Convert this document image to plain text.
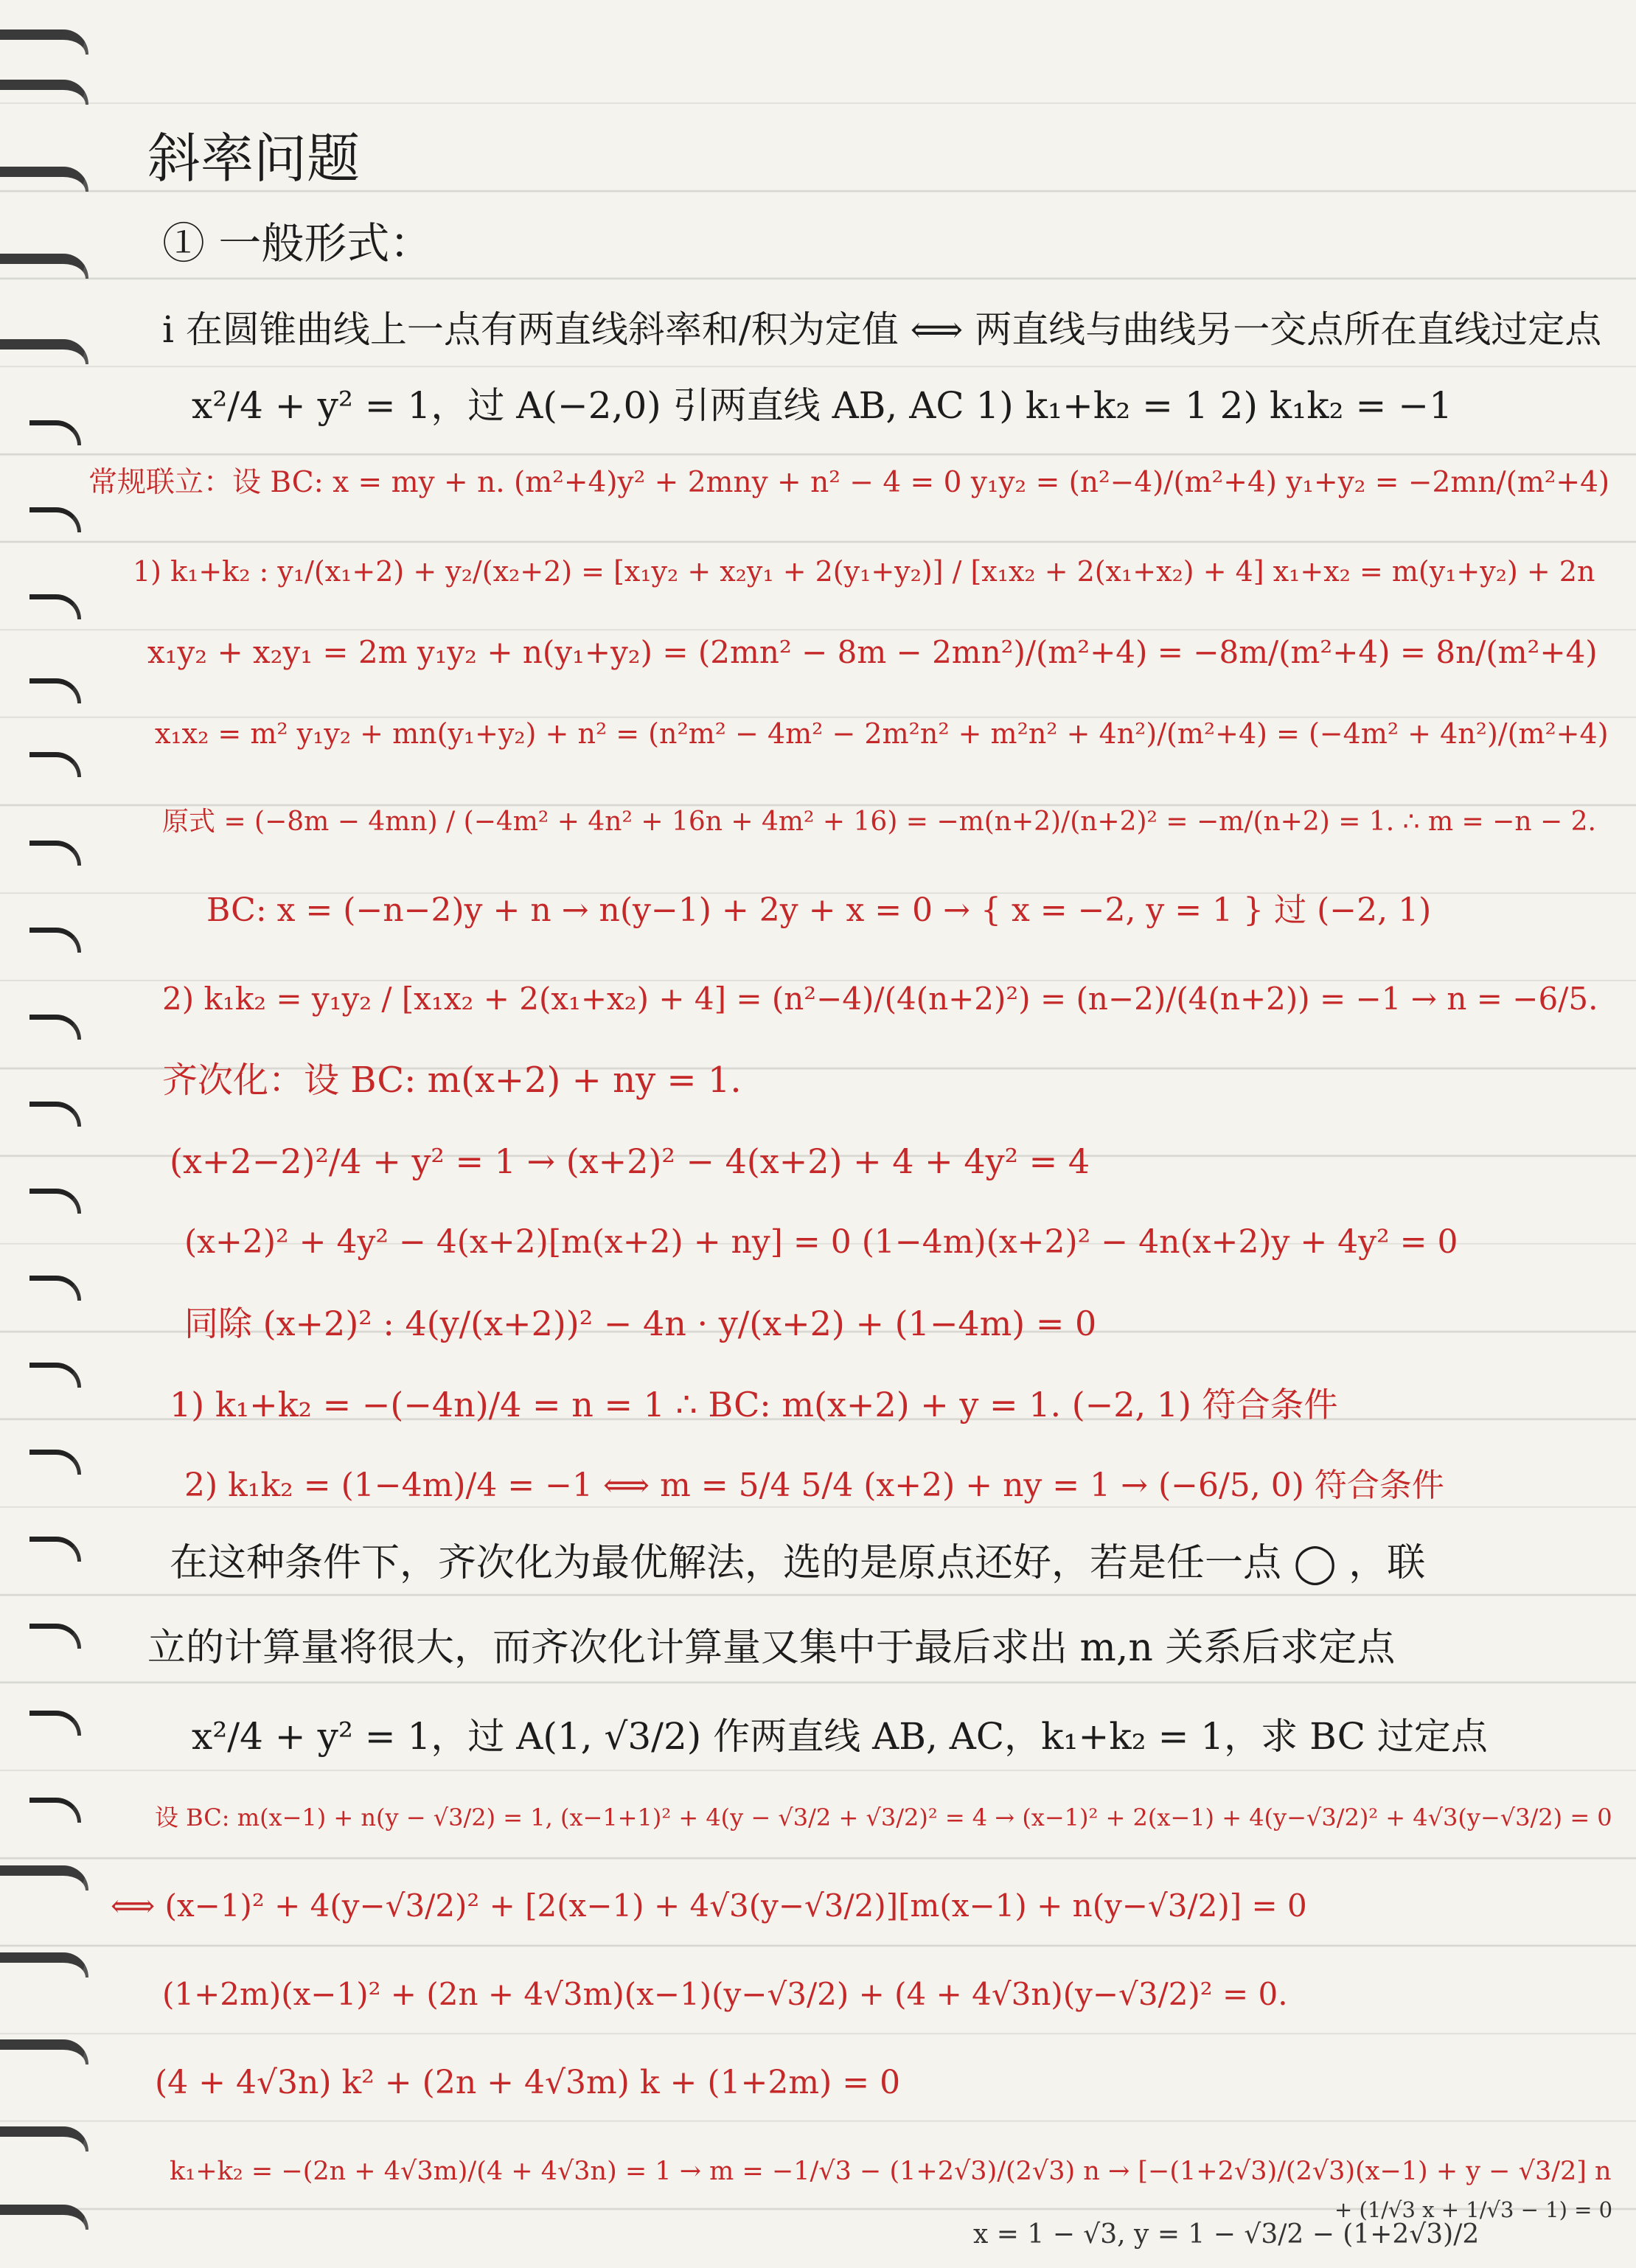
斜率问题
① 一般形式：
i 在圆锥曲线上一点有两直线斜率和/积为定值 ⟺ 两直线与曲线另一交点所在直线过定点
x²/4 + y² = 1，过 A(−2,0) 引两直线 AB, AC 1) k₁+k₂ = 1 2) k₁k₂ = −1
常规联立：设 BC: x = my + n. (m²+4)y² + 2mny + n² − 4 = 0 y₁y₂ = (n²−4)/(m²+4) y₁+y₂ = −2mn/(m²+4)
1) k₁+k₂ : y₁/(x₁+2) + y₂/(x₂+2) = [x₁y₂ + x₂y₁ + 2(y₁+y₂)] / [x₁x₂ + 2(x₁+x₂) + 4] x₁+x₂ = m(y₁+y₂) + 2n
x₁y₂ + x₂y₁ = 2m y₁y₂ + n(y₁+y₂) = (2mn² − 8m − 2mn²)/(m²+4) = −8m/(m²+4) = 8n/(m²+4)
x₁x₂ = m² y₁y₂ + mn(y₁+y₂) + n² = (n²m² − 4m² − 2m²n² + m²n² + 4n²)/(m²+4) = (−4m² + 4n²)/(m²+4)
原式 = (−8m − 4mn) / (−4m² + 4n² + 16n + 4m² + 16) = −m(n+2)/(n+2)² = −m/(n+2) = 1. ∴ m = −n − 2.
BC: x = (−n−2)y + n → n(y−1) + 2y + x = 0 → { x = −2, y = 1 } 过 (−2, 1)
2) k₁k₂ = y₁y₂ / [x₁x₂ + 2(x₁+x₂) + 4] = (n²−4)/(4(n+2)²) = (n−2)/(4(n+2)) = −1 → n = −6/5.
齐次化：设 BC: m(x+2) + ny = 1.
(x+2−2)²/4 + y² = 1 → (x+2)² − 4(x+2) + 4 + 4y² = 4
(x+2)² + 4y² − 4(x+2)[m(x+2) + ny] = 0 (1−4m)(x+2)² − 4n(x+2)y + 4y² = 0
同除 (x+2)² : 4(y/(x+2))² − 4n · y/(x+2) + (1−4m) = 0
1) k₁+k₂ = −(−4n)/4 = n = 1 ∴ BC: m(x+2) + y = 1. (−2, 1) 符合条件
2) k₁k₂ = (1−4m)/4 = −1 ⟺ m = 5/4 5/4 (x+2) + ny = 1 → (−6/5, 0) 符合条件
在这种条件下，齐次化为最优解法，选的是原点还好，若是任一点 ◯ ，联
立的计算量将很大，而齐次化计算量又集中于最后求出 m,n 关系后求定点
x²/4 + y² = 1，过 A(1, √3/2) 作两直线 AB, AC，k₁+k₂ = 1，求 BC 过定点
设 BC: m(x−1) + n(y − √3/2) = 1, (x−1+1)² + 4(y − √3/2 + √3/2)² = 4 → (x−1)² + 2(x−1) + 4(y−√3/2)² + 4√3(y−√3/2) = 0
⟺ (x−1)² + 4(y−√3/2)² + [2(x−1) + 4√3(y−√3/2)][m(x−1) + n(y−√3/2)] = 0
(1+2m)(x−1)² + (2n + 4√3m)(x−1)(y−√3/2) + (4 + 4√3n)(y−√3/2)² = 0.
(4 + 4√3n) k² + (2n + 4√3m) k + (1+2m) = 0
k₁+k₂ = −(2n + 4√3m)/(4 + 4√3n) = 1 → m = −1/√3 − (1+2√3)/(2√3) n → [−(1+2√3)/(2√3)(x−1) + y − √3/2] n
x = 1 − √3, y = 1 − √3/2 − (1+2√3)/2
+ (1/√3 x + 1/√3 − 1) = 0
